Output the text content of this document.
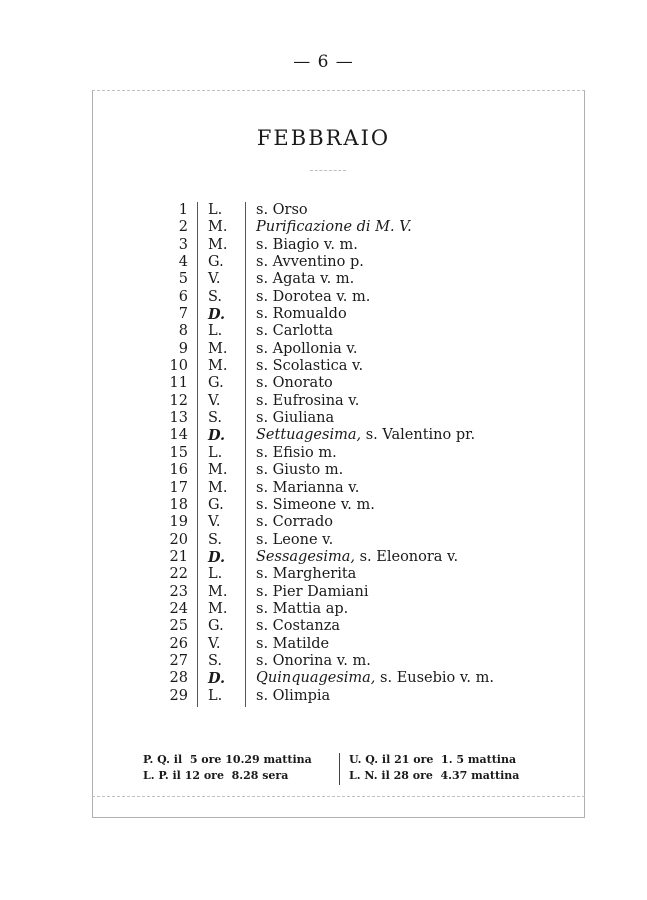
— 6 —
FEBBRAIO
1 L. s. Orso
2 M. Purificazione di M. V.
3 M. s. Biagio v. m.
4 G. s. Avventino p.
5 V. s. Agata v. m.
6 S. s. Dorotea v. m.
7 D. s. Romualdo
8 L. s. Carlotta
9 M. s. Apollonia v.
10 M. s. Scolastica v.
11 G. s. Onorato
12 V. s. Eufrosina v.
13 S. s. Giuliana
14 D. Settuagesima, s. Valentino pr.
15 L. s. Efisio m.
16 M. s. Giusto m.
17 M. s. Marianna v.
18 G. s. Simeone v. m.
19 V. s. Corrado
20 S. s. Leone v.
21 D. Sessagesima, s. Eleonora v.
22 L. s. Margherita
23 M. s. Pier Damiani
24 M. s. Mattia ap.
25 G. s. Costanza
26 V. s. Matilde
27 S. s. Onorina v. m.
28 D. Quinquagesima, s. Eusebio v. m.
29 L. s. Olimpia
P. Q. il  5 ore 10.29 mattina
L. P. il 12 ore  8.28 sera
U. Q. il 21 ore  1. 5 mattina
L. N. il 28 ore  4.37 mattina
